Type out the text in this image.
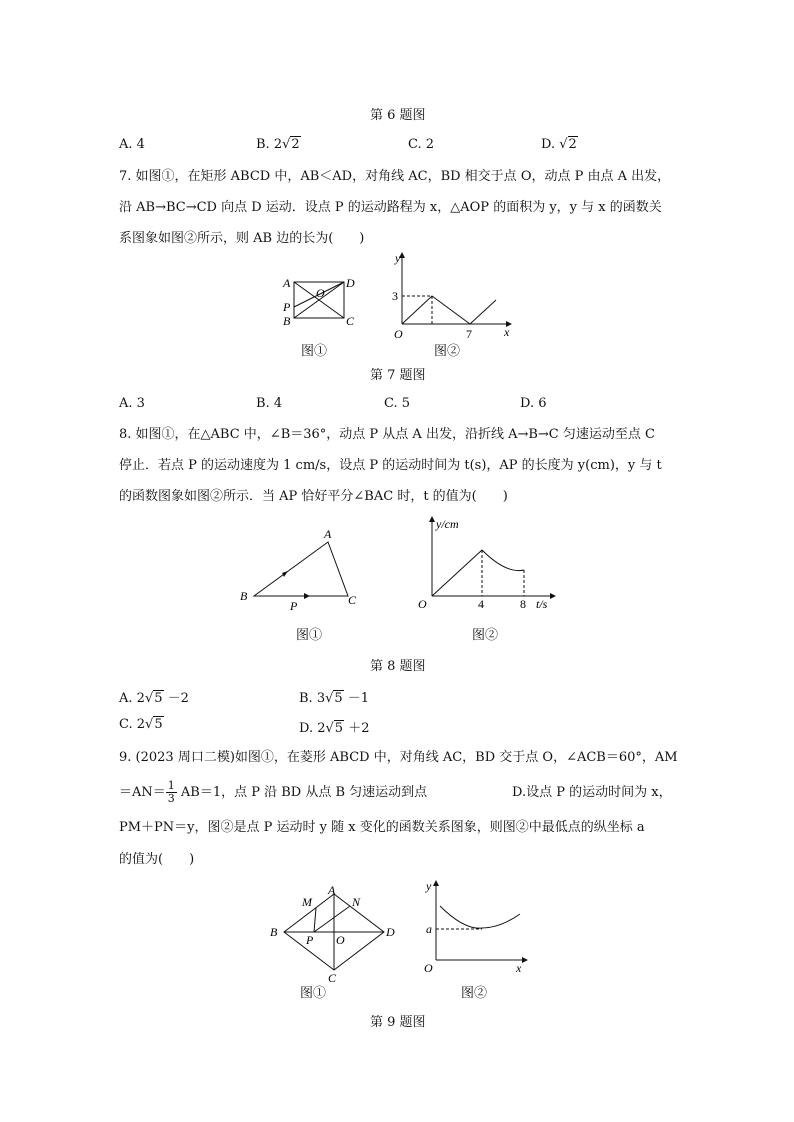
第 6 题图
A. 4	B. 2√2	C. 2	D. √2
7. 如图①，在矩形 ABCD 中，AB＜AD，对角线 AC，BD 相交于点 O，动点 P 由点 A 出发，
沿 AB→BC→CD 向点 D 运动．设点 P 的运动路程为 x，△AOP 的面积为 y，y 与 x 的函数关
系图象如图②所示，则 AB 边的长为(　　)
A
P
B	C
D
O
图①
y
x
O
3
7
图②
第 7 题图
A. 3	B. 4	C. 5	D. 6
8. 如图①，在△ABC 中，∠B＝36°，动点 P 从点 A 出发，沿折线 A→B→C 匀速运动至点 C
停止．若点 P 的运动速度为 1 cm/s，设点 P 的运动时间为 t(s)，AP 的长度为 y(cm)，y 与 t
的函数图象如图②所示．当 AP 恰好平分∠BAC 时，t 的值为(　　)
A
B	C
P
图①
y/cm
t/s
O	4	8
图②
第 8 题图
A. 2√5 －2	B. 3√5 －1
C. 2√5	D. 2√5 ＋2
9. (2023 周口二模)如图①，在菱形 ABCD 中，对角线 AC，BD 交于点 O，∠ACB＝60°，AM
$=AN= \frac{1}{3} AB=1$，点 P 沿 BD 从点 B 匀速运动到点	D.设点 P 的运动时间为 x，
PM＋PN＝y，图②是点 P 运动时 y 随 x 变化的函数关系图象，则图②中最低点的纵坐标 a
的值为(　　)
A
B	D
C
O
M	N
P
图①
y
x
O
a
图②
第 9 题图
